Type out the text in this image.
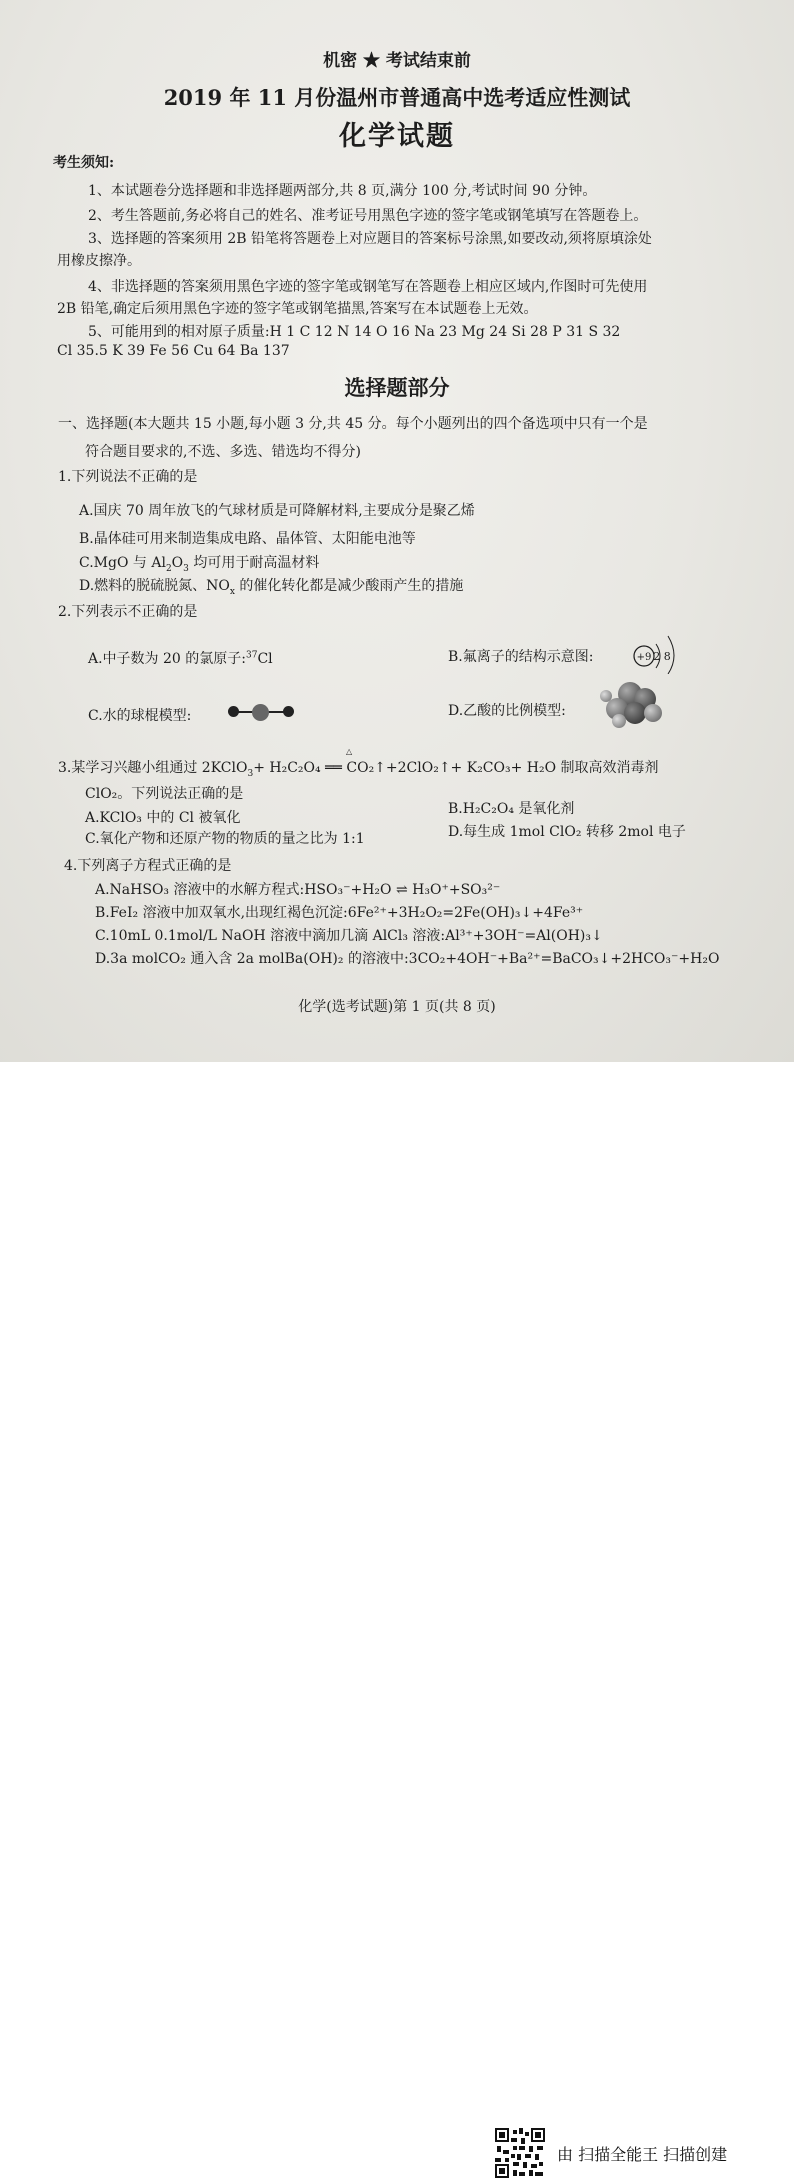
机密 ★ 考试结束前
2019 年 11 月份温州市普通高中选考适应性测试
化学试题
考生须知:
1、本试题卷分选择题和非选择题两部分,共 8 页,满分 100 分,考试时间 90 分钟。
2、考生答题前,务必将自己的姓名、准考证号用黑色字迹的签字笔或钢笔填写在答题卷上。
3、选择题的答案须用 2B 铅笔将答题卷上对应题目的答案标号涂黑,如要改动,须将原填涂处
用橡皮擦净。
4、非选择题的答案须用黑色字迹的签字笔或钢笔写在答题卷上相应区域内,作图时可先使用
2B 铅笔,确定后须用黑色字迹的签字笔或钢笔描黑,答案写在本试题卷上无效。
5、可能用到的相对原子质量:H 1 C 12 N 14 O 16 Na 23 Mg 24 Si 28 P 31 S 32
Cl 35.5 K 39 Fe 56 Cu 64 Ba 137
选择题部分
一、选择题(本大题共 15 小题,每小题 3 分,共 45 分。每个小题列出的四个备选项中只有一个是
符合题目要求的,不选、多选、错选均不得分)
1.下列说法不正确的是
A.国庆 70 周年放飞的气球材质是可降解材料,主要成分是聚乙烯
B.晶体硅可用来制造集成电路、晶体管、太阳能电池等
C.MgO 与 $Al_2O_3$ 均可用于耐高温材料
D.燃料的脱硫脱氮、$NO_x$ 的催化转化都是减少酸雨产生的措施
2.下列表示不正确的是
A.中子数为 20 的氯原子:$^{37}$Cl	B.氟离子的结构示意图:	+9 2 8
C.水的球棍模型:	D.乙酸的比例模型:
3.某学习兴趣小组通过 2KClO$_3$+ H₂C₂O₄ ══ CO₂↑+2ClO₂↑+ K₂CO₃+ H₂O 制取高效消毒剂
△
ClO₂。下列说法正确的是
A.KClO₃ 中的 Cl 被氧化
B.H₂C₂O₄ 是氧化剂
C.氧化产物和还原产物的物质的量之比为 1:1	D.每生成 1mol ClO₂ 转移 2mol 电子
4.下列离子方程式正确的是
A.NaHSO₃ 溶液中的水解方程式:HSO₃⁻+H₂O ⇌ H₃O⁺+SO₃²⁻
B.FeI₂ 溶液中加双氧水,出现红褐色沉淀:6Fe²⁺+3H₂O₂=2Fe(OH)₃↓+4Fe³⁺
C.10mL 0.1mol/L NaOH 溶液中滴加几滴 AlCl₃ 溶液:Al³⁺+3OH⁻=Al(OH)₃↓
D.3a molCO₂ 通入含 2a molBa(OH)₂ 的溶液中:3CO₂+4OH⁻+Ba²⁺=BaCO₃↓+2HCO₃⁻+H₂O
化学(选考试题)第 1 页(共 8 页)
由 扫描全能王 扫描创建
